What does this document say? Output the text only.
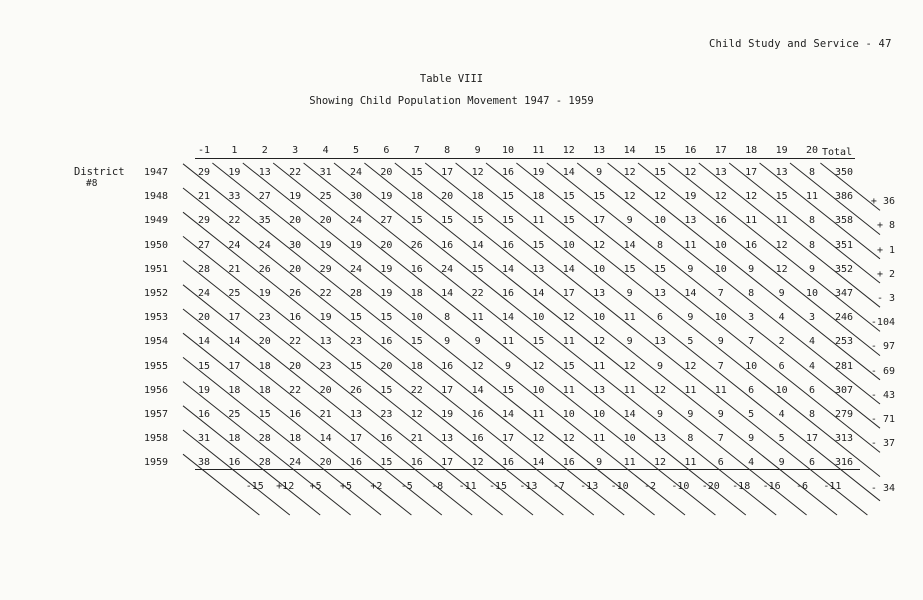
Child Study and Service - 47
Table VIII
Showing Child Population Movement 1947 - 1959
District
#8
-1	1	2	3	4	5	6	7	8	9	10	11	12	13	14	15	16	17	18	19	20 Total
1947	29	19	13	22	31	24	20	15	17	12	16	19	14	9	12	15	12	13	17	13	8	350
1948	21	33	27	19	25	30	19	18	20	18	15	18	15	15	12	12	19	12	12	15	11	386	+ 36
1949	29	22	35	20	20	24	27	15	15	15	15	11	15	17	9	10	13	16	11	11	8	358	+ 8
1950	27	24	24	30	19	19	20	26	16	14	16	15	10	12	14	8	11	10	16	12	8	351	+ 1
1951	28	21	26	20	29	24	19	16	24	15	14	13	14	10	15	15	9	10	9	12	9	352	+ 2
1952	24	25	19	26	22	28	19	18	14	22	16	14	17	13	9	13	14	7	8	9	10	347	- 3
1953	20	17	23	16	19	15	15	10	8	11	14	10	12	10	11	6	9	10	3	4	3	246	-104
1954	14	14	20	22	13	23	16	15	9	9	11	15	11	12	9	13	5	9	7	2	4	253	- 97
1955	15	17	18	20	23	15	20	18	16	12	9	12	15	11	12	9	12	7	10	6	4	281	- 69
1956	19	18	18	22	20	26	15	22	17	14	15	10	11	13	11	12	11	11	6	10	6	307	- 43
1957	16	25	15	16	21	13	23	12	19	16	14	11	10	10	14	9	9	9	5	4	8	279	- 71
1958	31	18	28	18	14	17	16	21	13	16	17	12	12	11	10	13	8	7	9	5	17	313	- 37
1959	38	16	28	24	20	16	15	16	17	12	16	14	16	9	11	12	11	6	4	9	6	316
-15	+12	+5	+5	+2	-5	-8	-11	-15	-13	-7	-13	-10	-2	-10	-20	-18	-16	-6	-11	- 34
